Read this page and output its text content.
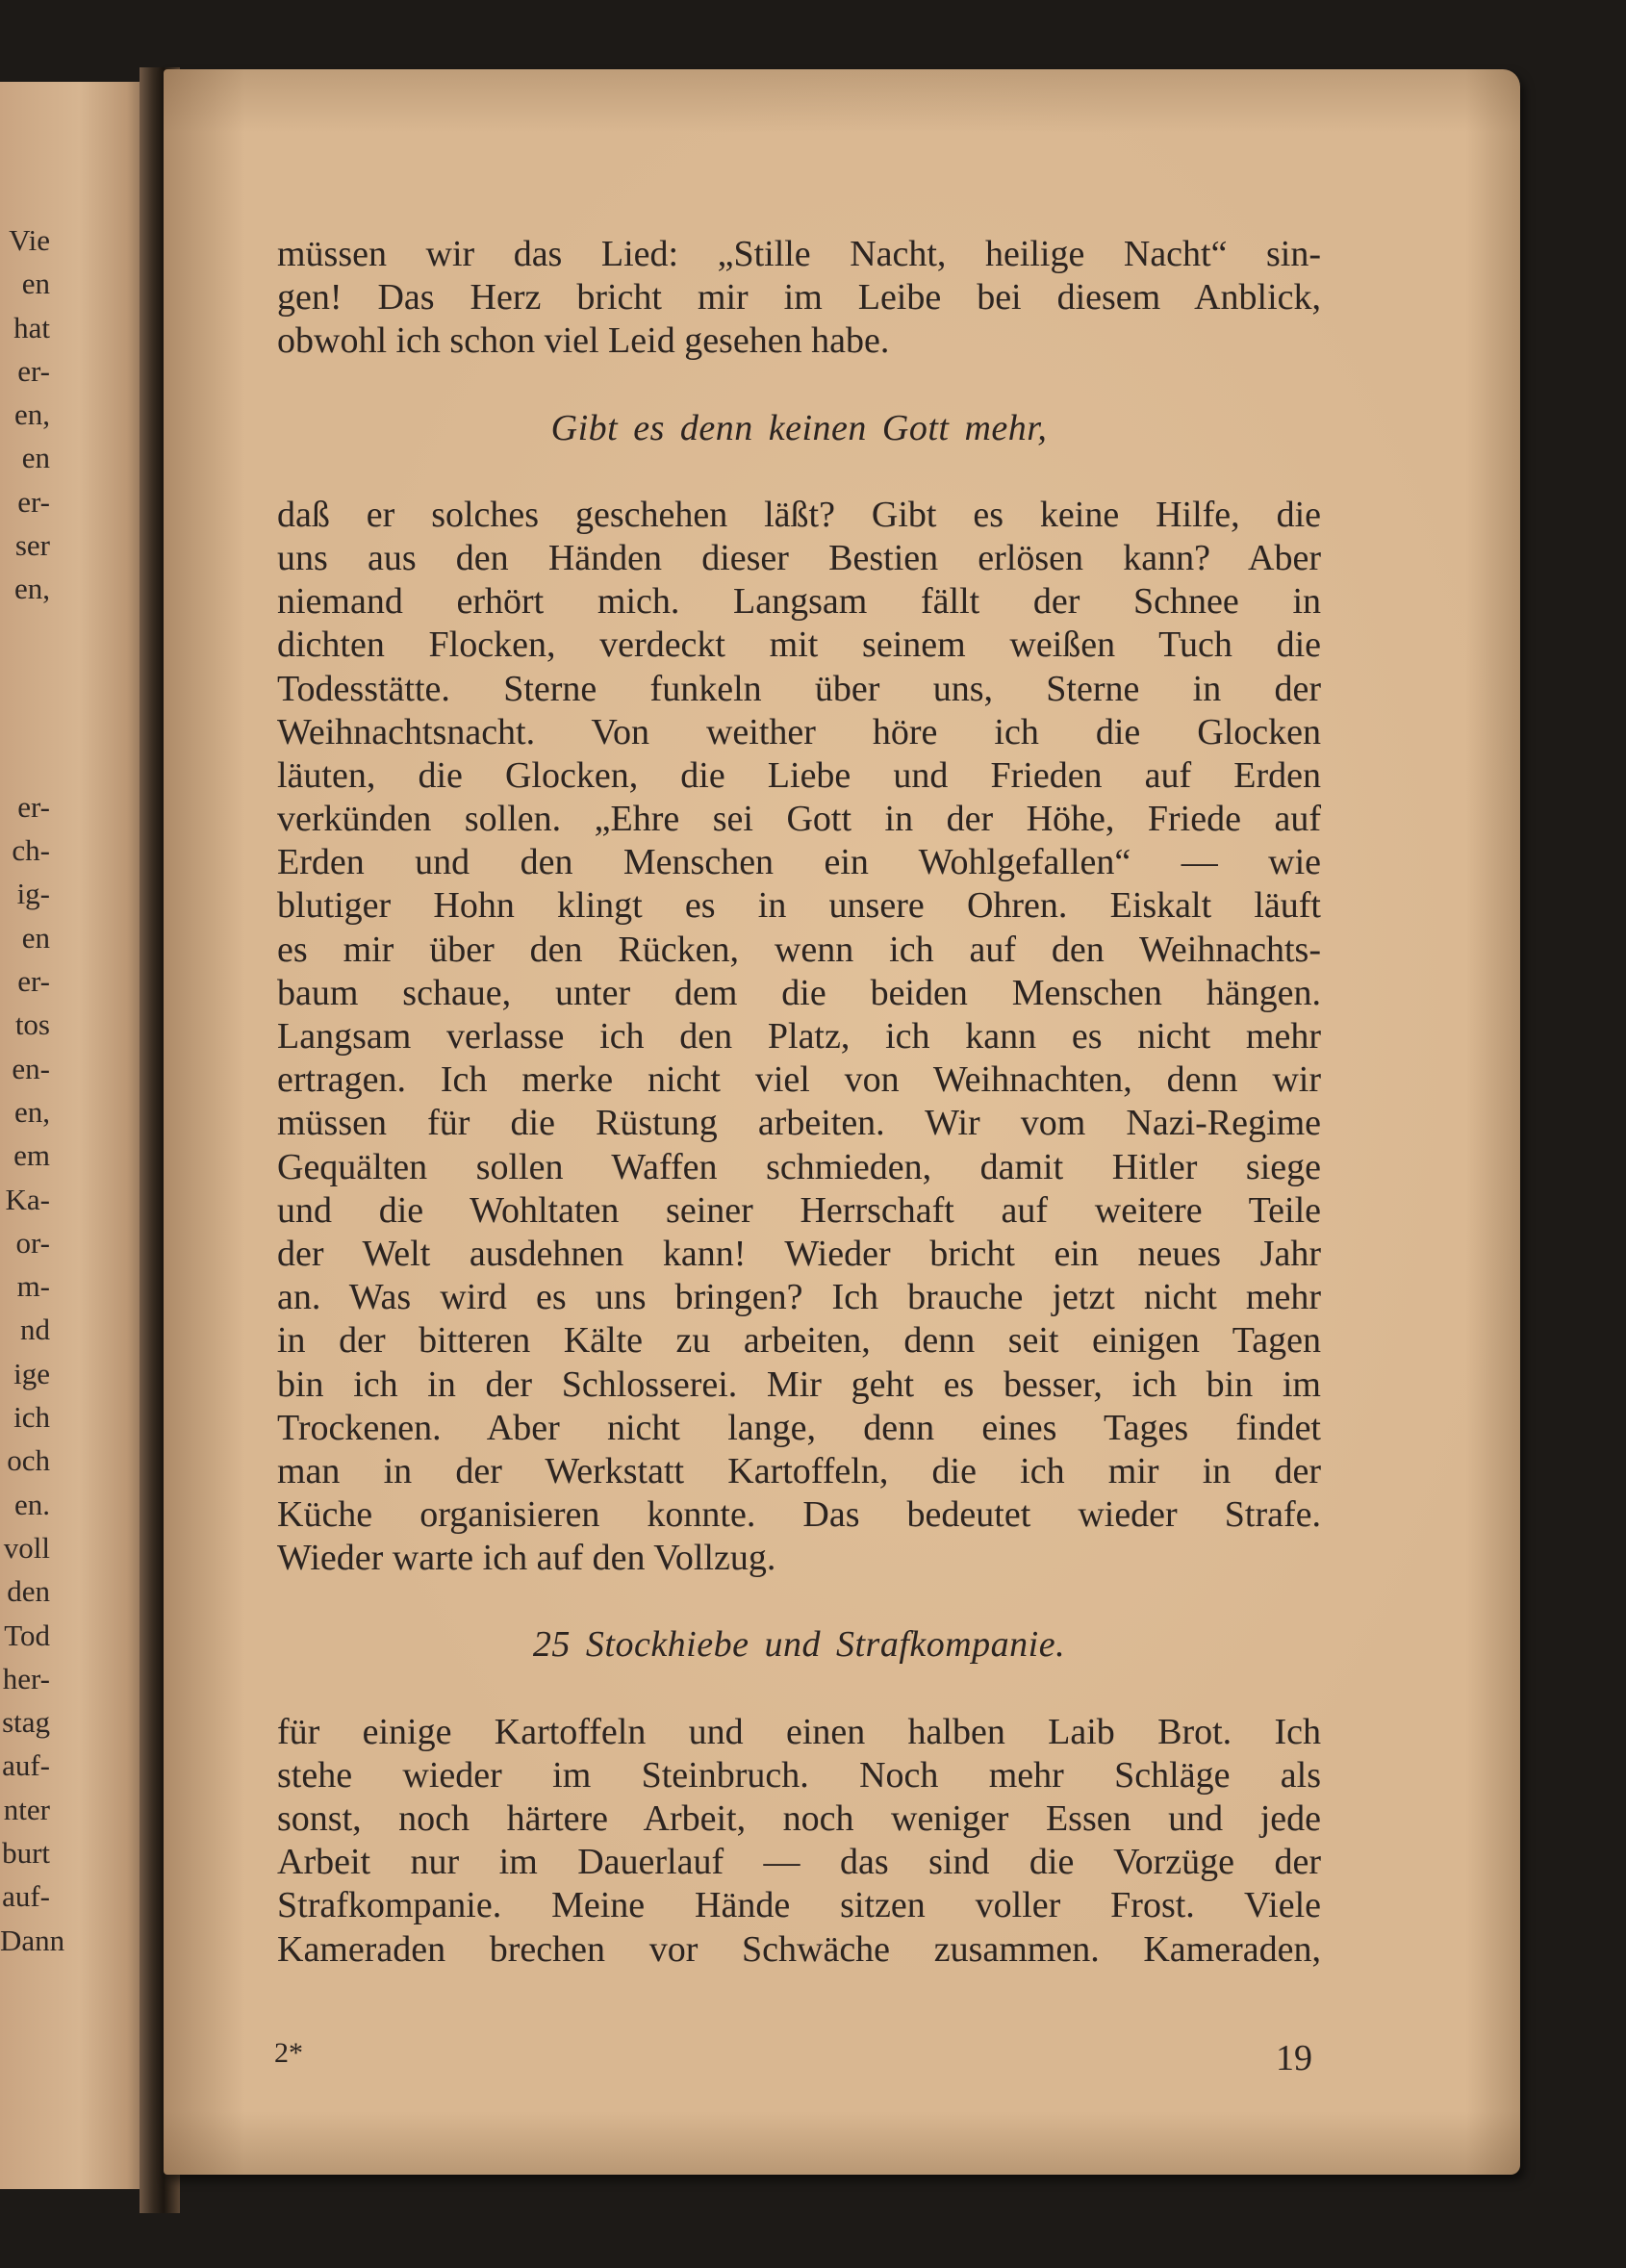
Vie
en
hat
er-
en,
en
er-
ser
en,

er-
ch-
ig-
en
er-
tos
en-
en,
em
Ka-
or-
m-
nd
ige
ich
och
en.
voll
den
Tod
her-
stag
auf-
nter
burt
auf-
Dann
müssen wir das Lied: „Stille Nacht, heilige Nacht“ sin-
gen! Das Herz bricht mir im Leibe bei diesem Anblick,
obwohl ich schon viel Leid gesehen habe.
Gibt es denn keinen Gott mehr,
daß er solches geschehen läßt? Gibt es keine Hilfe, die
uns aus den Händen dieser Bestien erlösen kann? Aber
niemand erhört mich. Langsam fällt der Schnee in
dichten Flocken, verdeckt mit seinem weißen Tuch die
Todesstätte. Sterne funkeln über uns, Sterne in der
Weihnachtsnacht. Von weither höre ich die Glocken
läuten, die Glocken, die Liebe und Frieden auf Erden
verkünden sollen. „Ehre sei Gott in der Höhe, Friede auf
Erden und den Menschen ein Wohlgefallen“ — wie
blutiger Hohn klingt es in unsere Ohren. Eiskalt läuft
es mir über den Rücken, wenn ich auf den Weihnachts-
baum schaue, unter dem die beiden Menschen hängen.
Langsam verlasse ich den Platz, ich kann es nicht mehr
ertragen. Ich merke nicht viel von Weihnachten, denn wir
müssen für die Rüstung arbeiten. Wir vom Nazi-Regime
Gequälten sollen Waffen schmieden, damit Hitler siege
und die Wohltaten seiner Herrschaft auf weitere Teile
der Welt ausdehnen kann! Wieder bricht ein neues Jahr
an. Was wird es uns bringen? Ich brauche jetzt nicht mehr
in der bitteren Kälte zu arbeiten, denn seit einigen Tagen
bin ich in der Schlosserei. Mir geht es besser, ich bin im
Trockenen. Aber nicht lange, denn eines Tages findet
man in der Werkstatt Kartoffeln, die ich mir in der
Küche organisieren konnte. Das bedeutet wieder Strafe.
Wieder warte ich auf den Vollzug.
25 Stockhiebe und Strafkompanie.
für einige Kartoffeln und einen halben Laib Brot. Ich
stehe wieder im Steinbruch. Noch mehr Schläge als
sonst, noch härtere Arbeit, noch weniger Essen und jede
Arbeit nur im Dauerlauf — das sind die Vorzüge der
Strafkompanie. Meine Hände sitzen voller Frost. Viele
Kameraden brechen vor Schwäche zusammen. Kameraden,
2*	19
